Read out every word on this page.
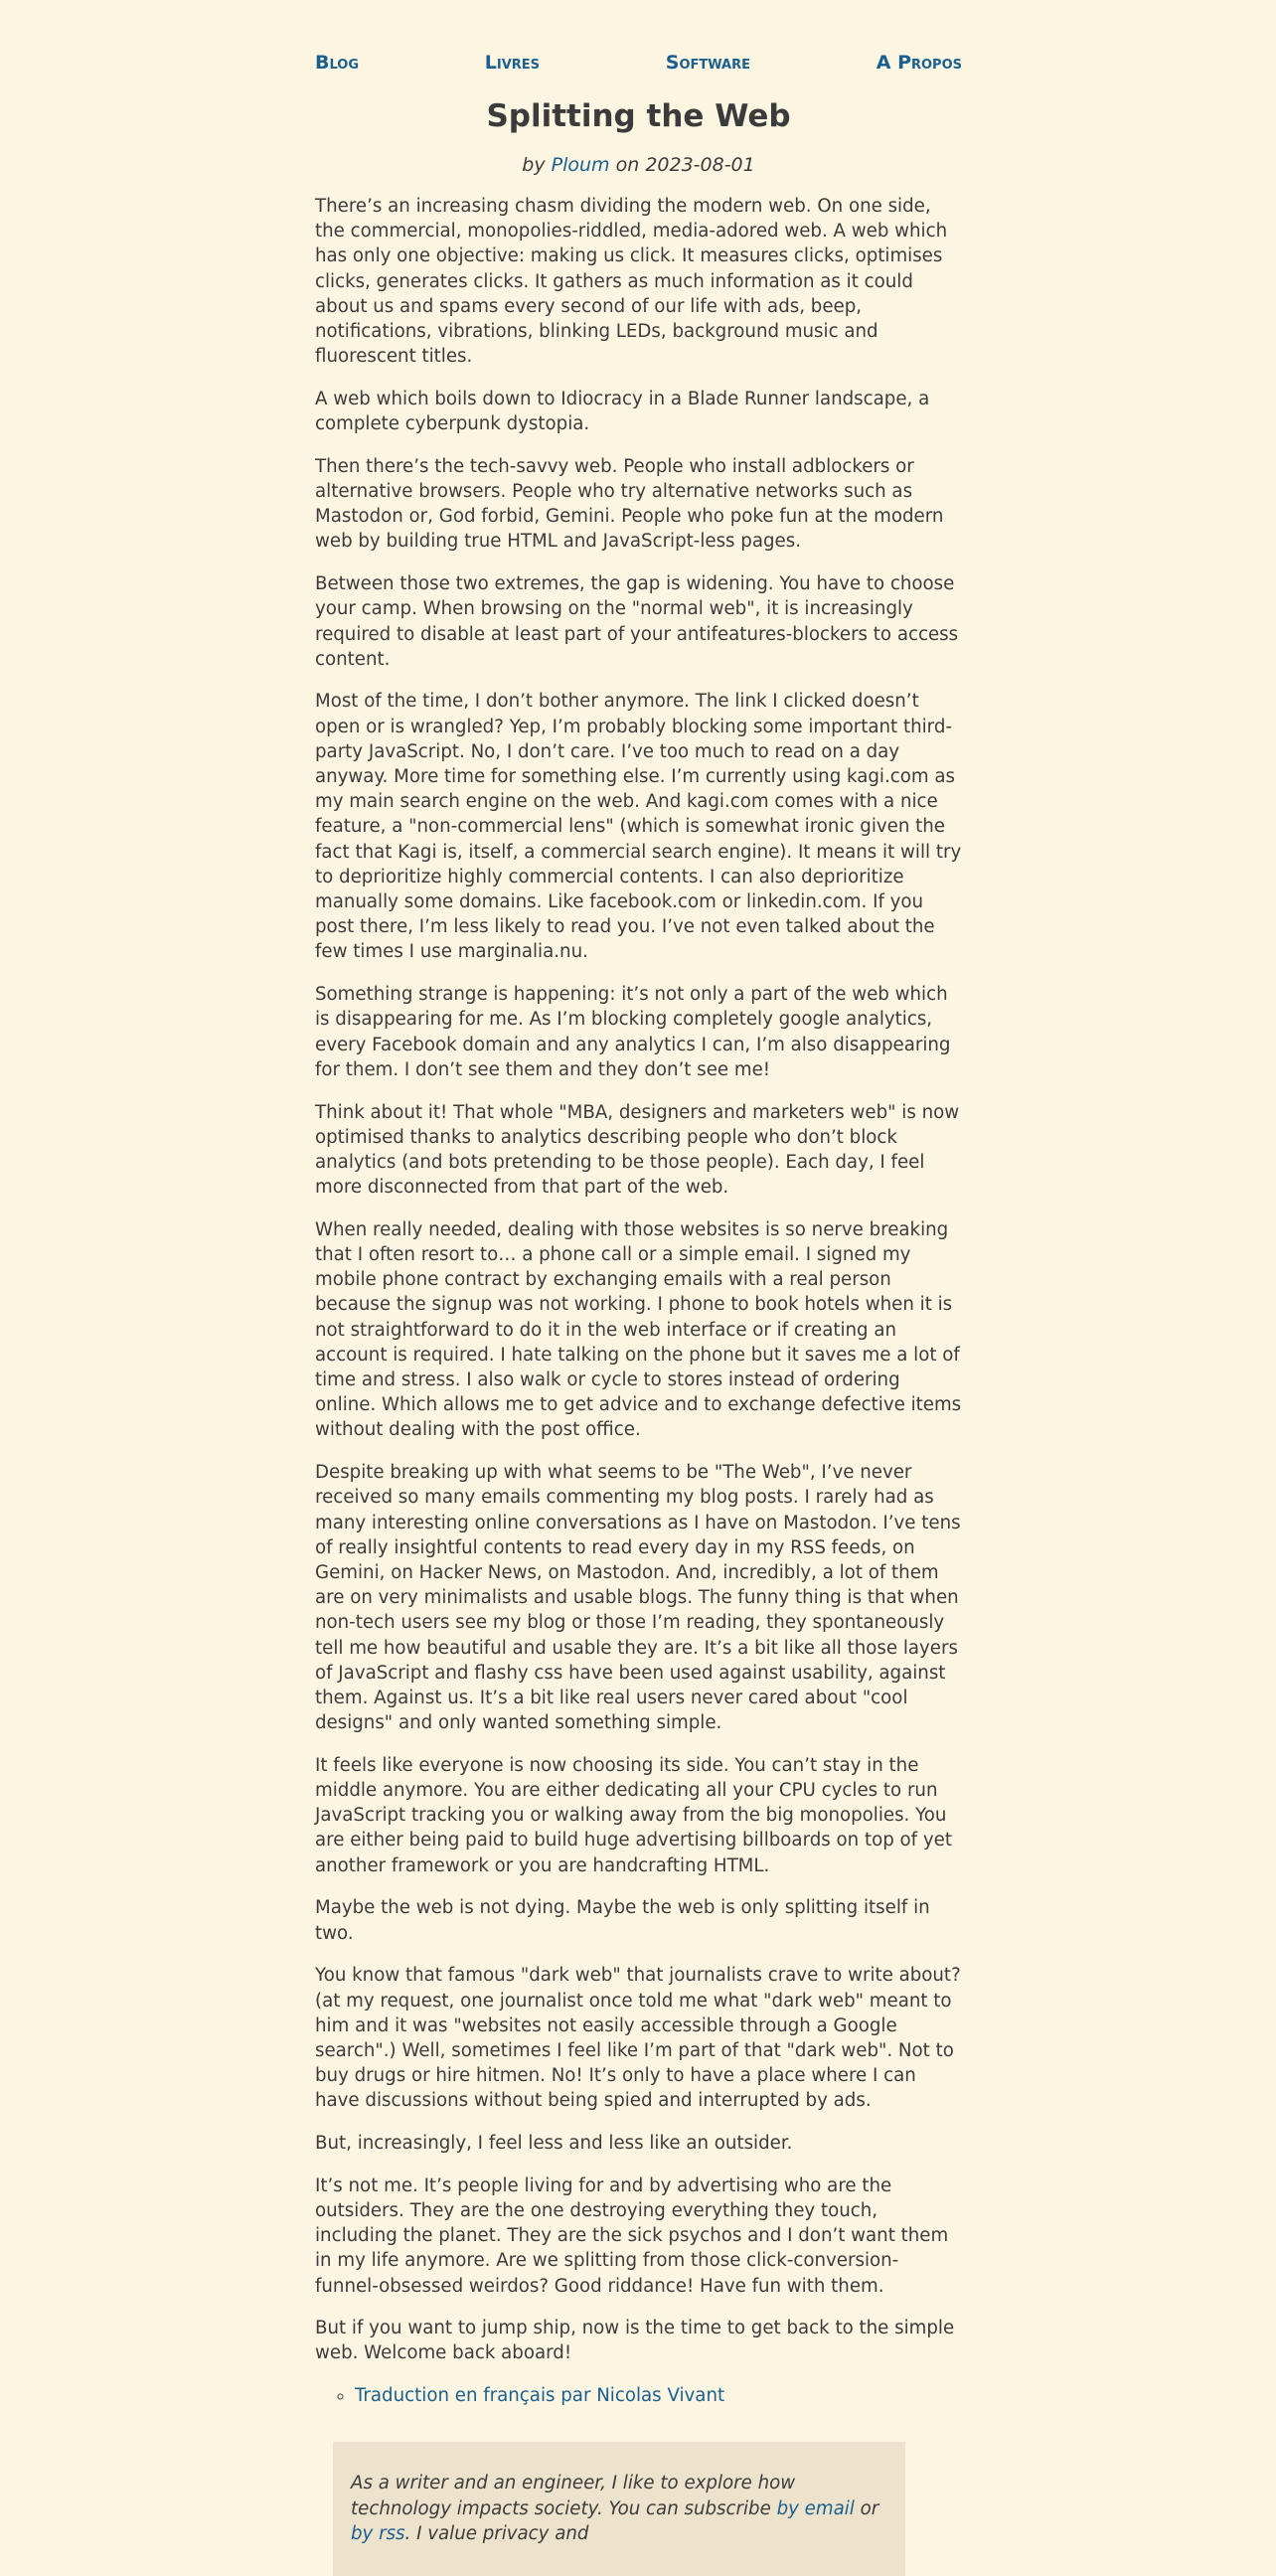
Blog	Livres	Software	A Propos
Splitting the Web

by Ploum on 2023-08-01

There’s an increasing chasm dividing the modern web. On one side, the commercial, monopolies-riddled, media-adored web. A web which has only one objective: making us click. It measures clicks, optimises clicks, generates clicks. It gathers as much information as it could about us and spams every second of our life with ads, beep, notifications, vibrations, blinking LEDs, background music and fluorescent titles.

A web which boils down to Idiocracy in a Blade Runner landscape, a complete cyberpunk dystopia.

Then there’s the tech-savvy web. People who install adblockers or alternative browsers. People who try alternative networks such as Mastodon or, God forbid, Gemini. People who poke fun at the modern web by building true HTML and JavaScript-less pages.

Between those two extremes, the gap is widening. You have to choose your camp. When browsing on the "normal web", it is increasingly required to disable at least part of your antifeatures-blockers to access content.

Most of the time, I don’t bother anymore. The link I clicked doesn’t open or is wrangled? Yep, I’m probably blocking some important third-party JavaScript. No, I don’t care. I’ve too much to read on a day anyway. More time for something else. I’m currently using kagi.com as my main search engine on the web. And kagi.com comes with a nice feature, a "non-commercial lens" (which is somewhat ironic given the fact that Kagi is, itself, a commercial search engine). It means it will try to deprioritize highly commercial contents. I can also deprioritize manually some domains. Like facebook.com or linkedin.com. If you post there, I’m less likely to read you. I’ve not even talked about the few times I use marginalia.nu.

Something strange is happening: it’s not only a part of the web which is disappearing for me. As I’m blocking completely google analytics, every Facebook domain and any analytics I can, I’m also disappearing for them. I don’t see them and they don’t see me!

Think about it! That whole "MBA, designers and marketers web" is now optimised thanks to analytics describing people who don’t block analytics (and bots pretending to be those people). Each day, I feel more disconnected from that part of the web.

When really needed, dealing with those websites is so nerve breaking that I often resort to… a phone call or a simple email. I signed my mobile phone contract by exchanging emails with a real person because the signup was not working. I phone to book hotels when it is not straightforward to do it in the web interface or if creating an account is required. I hate talking on the phone but it saves me a lot of time and stress. I also walk or cycle to stores instead of ordering online. Which allows me to get advice and to exchange defective items without dealing with the post office.

Despite breaking up with what seems to be "The Web", I’ve never received so many emails commenting my blog posts. I rarely had as many interesting online conversations as I have on Mastodon. I’ve tens of really insightful contents to read every day in my RSS feeds, on Gemini, on Hacker News, on Mastodon. And, incredibly, a lot of them are on very minimalists and usable blogs. The funny thing is that when non-tech users see my blog or those I’m reading, they spontaneously tell me how beautiful and usable they are. It’s a bit like all those layers of JavaScript and flashy css have been used against usability, against them. Against us. It’s a bit like real users never cared about "cool designs" and only wanted something simple.

It feels like everyone is now choosing its side. You can’t stay in the middle anymore. You are either dedicating all your CPU cycles to run JavaScript tracking you or walking away from the big monopolies. You are either being paid to build huge advertising billboards on top of yet another framework or you are handcrafting HTML.

Maybe the web is not dying. Maybe the web is only splitting itself in two.

You know that famous "dark web" that journalists crave to write about? (at my request, one journalist once told me what "dark web" meant to him and it was "websites not easily accessible through a Google search".) Well, sometimes I feel like I’m part of that "dark web". Not to buy drugs or hire hitmen. No! It’s only to have a place where I can have discussions without being spied and interrupted by ads.

But, increasingly, I feel less and less like an outsider.

It’s not me. It’s people living for and by advertising who are the outsiders. They are the one destroying everything they touch, including the planet. They are the sick psychos and I don’t want them in my life anymore. Are we splitting from those click-conversion-funnel-obsessed weirdos? Good riddance! Have fun with them.

But if you want to jump ship, now is the time to get back to the simple web. Welcome back aboard!

◦ Traduction en français par Nicolas Vivant
As a writer and an engineer, I like to explore how technology impacts society. You can subscribe by email or by rss. I value privacy and
